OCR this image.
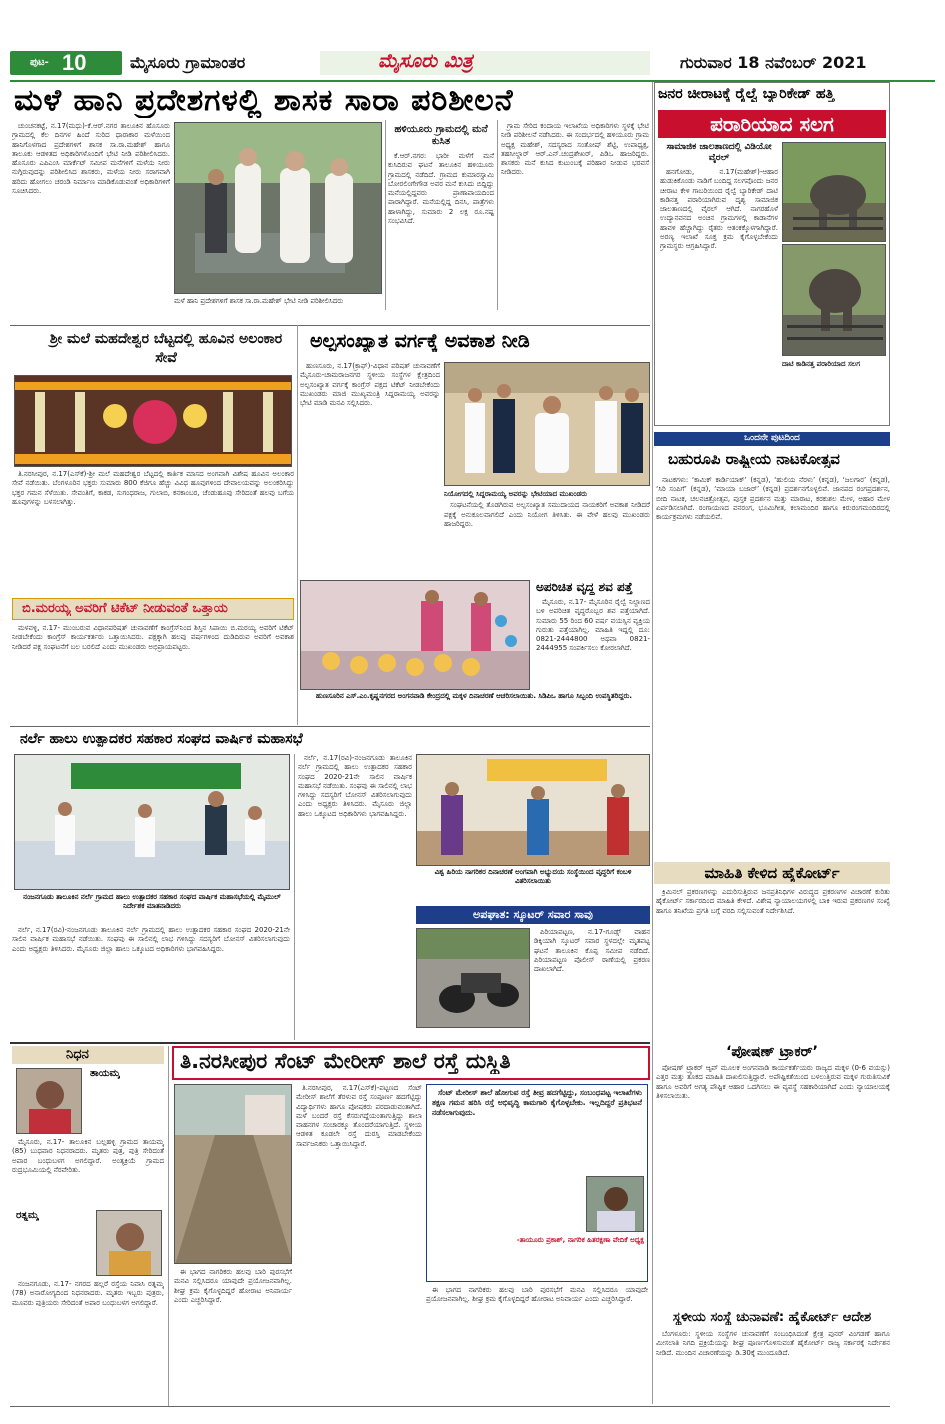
ಪುಟ- 10	ಮೈಸೂರು ಗ್ರಾಮಾಂತರ	ಮೈಸೂರು ಮಿತ್ರ	ಗುರುವಾರ 18 ನವೆಂಬರ್ 2021
ಮಳೆ ಹಾನಿ ಪ್ರದೇಶಗಳಲ್ಲಿ ಶಾಸಕ ಸಾರಾ ಪರಿಶೀಲನೆ

ಚುಂಚನಕಟ್ಟೆ, ನ.17(ಮಧು)-ಕೆ.ಆರ್.ನಗರ ತಾಲೂಕಿನ ಹೊಸೂರು ಗ್ರಾಮದಲ್ಲಿ ಕೆಲ ದಿನಗಳ ಹಿಂದೆ ಸುರಿದ ಧಾರಾಕಾರ ಮಳೆಯಿಂದ ಹಾನಿಗೊಳಗಾದ ಪ್ರದೇಶಗಳಿಗೆ ಶಾಸಕ ಸಾ.ರಾ.ಮಹೇಶ್ ಹಾಗೂ ತಾಲೂಕು ಆಡಳಿತದ ಅಧಿಕಾರಿಗಳೊಂದಿಗೆ ಭೇಟಿ ನೀಡಿ ಪರಿಶೀಲಿಸಿದರು. ಹೊಸೂರು ಎಪಿಎಂಸಿ ಮಾರ್ಕೆಟ್ ಸಮೀಪ ಮನೆಗಳಿಗೆ ಮಳೆಯ ನೀರು ನುಗ್ಗಿರುವುದನ್ನು ಪರಿಶೀಲಿಸಿದ ಶಾಸಕರು, ಮಳೆಯ ನೀರು ಸರಾಗವಾಗಿ ಹರಿದು ಹೋಗಲು ಚರಂಡಿ ನಿರ್ಮಾಣ ಮಾಡಿಕೊಡುವಂತೆ ಅಧಿಕಾರಿಗಳಿಗೆ ಸೂಚಿಸಿದರು.

ಮಳೆ ಹಾನಿ ಪ್ರದೇಶಗಳಿಗೆ ಶಾಸಕ ಸಾ.ರಾ.ಮಹೇಶ್ ಭೇಟಿ ನೀಡಿ ಪರಿಶೀಲಿಸಿದರು

ಹಳಿಯೂರು ಗ್ರಾಮದಲ್ಲಿ ಮನೆ ಕುಸಿತ

ಕೆ.ಆರ್.ನಗರ: ಭಾರೀ ಮಳೆಗೆ ಮನೆ ಕುಸಿದಿರುವ ಘಟನೆ ತಾಲೂಕಿನ ಹಳಿಯೂರು ಗ್ರಾಮದಲ್ಲಿ ನಡೆದಿದೆ. ಗ್ರಾಮದ ಕುಮಾರಸ್ವಾಮಿ ಬೋರಲಿಂಗೇಗೌಡ ಅವರ ಮನೆ ಕುಸಿದು ಬಿದ್ದಿದ್ದು ಮನೆಯಲ್ಲಿದ್ದವರು ಪ್ರಾಣಾಪಾಯದಿಂದ ಪಾರಾಗಿದ್ದಾರೆ. ಮನೆಯಲ್ಲಿದ್ದ ದಿನಸಿ, ಪಾತ್ರೆಗಳು ಹಾಳಾಗಿದ್ದು, ಸುಮಾರು 2 ಲಕ್ಷ ರೂ.ನಷ್ಟ ಸಂಭವಿಸಿದೆ.

ಗ್ರಾಮ ಸೇರಿದ ಕಂದಾಯ ಇಲಾಖೆಯ ಅಧಿಕಾರಿಗಳು ಸ್ಥಳಕ್ಕೆ ಭೇಟಿ ನೀಡಿ ಪರಿಶೀಲನೆ ನಡೆಸಿದರು. ಈ ಸಂದರ್ಭದಲ್ಲಿ ಹಳಿಯೂರು ಗ್ರಾಮ ಅಧ್ಯಕ್ಷ ಮಹೇಶ್, ಸದಸ್ಯರಾದ ಸಂತೋಷ್ ಶೆಟ್ಟಿ, ಉಪಾಧ್ಯಕ್ಷ, ತಹಸೀಲ್ದಾರ್ ಆರ್.ಎನ್.ಚಂದ್ರಶೇಖರ್, ಪಿಡಿಒ ಹಾಜರಿದ್ದರು. ಶಾಸಕರು ಮನೆ ಕುಸಿದ ಕುಟುಂಬಕ್ಕೆ ಪರಿಹಾರ ನೀಡುವ ಭರವಸೆ ನೀಡಿದರು.

ಜನರ ಚೀರಾಟಕ್ಕೆ ರೈಲ್ವೆ ಬ್ಯಾರಿಕೇಡ್ ಹತ್ತಿ
ಪರಾರಿಯಾದ ಸಲಗ
ಸಾಮಾಜಿಕ ಜಾಲತಾಣದಲ್ಲಿ ವಿಡಿಯೋ ವೈರಲ್

ಹನಗೋಡು, ನ.17(ಮಹೇಶ್)-ಆಹಾರ ಹುಡುಕಿಕೊಂಡು ನಾಡಿಗೆ ಬಂದಿದ್ದ ಸಲಗವೊಂದು ಜನರ ಚೀರಾಟ ಕೇಳಿ ಗಾಬರಿಯಿಂದ ರೈಲ್ವೆ ಬ್ಯಾರಿಕೇಡ್ ದಾಟಿ ಕಾಡಿನತ್ತ ಪರಾರಿಯಾಗಿರುವ ದೃಶ್ಯ ಸಾಮಾಜಿಕ ಜಾಲತಾಣದಲ್ಲಿ ವೈರಲ್ ಆಗಿದೆ. ನಾಗರಹೊಳೆ ಉದ್ಯಾನವನದ ಅಂಚಿನ ಗ್ರಾಮಗಳಲ್ಲಿ ಕಾಡಾನೆಗಳ ಹಾವಳಿ ಹೆಚ್ಚಾಗಿದ್ದು ರೈತರು ಆತಂಕಕ್ಕೊಳಗಾಗಿದ್ದಾರೆ. ಅರಣ್ಯ ಇಲಾಖೆ ಸೂಕ್ತ ಕ್ರಮ ಕೈಗೊಳ್ಳಬೇಕೆಂದು ಗ್ರಾಮಸ್ಥರು ಆಗ್ರಹಿಸಿದ್ದಾರೆ.

ದಾಟಿ ಕಾಡಿನತ್ತ ಪರಾರಿಯಾದ ಸಲಗ

ಒಂದನೇ ಪುಟದಿಂದ
ಬಹುರೂಪಿ ರಾಷ್ಟ್ರೀಯ ನಾಟಕೋತ್ಸವ

ನಾಟಕಗಳು: ‘ಕಾಮಿಕ್ ಕಾರ್ಡಿಯಾಕ್’ (ಕನ್ನಡ), ‘ಹುಲಿಯ ನೆರಳು’ (ಕನ್ನಡ), ‘ಜಲಗಾರ’ (ಕನ್ನಡ), ‘ಸಿರಿ ಸಂಪಿಗೆ’ (ಕನ್ನಡ), ‘ಮಾಯಾ ಬಜಾರ್’ (ಕನ್ನಡ) ಪ್ರದರ್ಶನಗೊಳ್ಳಲಿವೆ. ಜಾನಪದ ರಂಗಪ್ರದರ್ಶನ, ಬೀದಿ ನಾಟಕ, ಚಲನಚಿತ್ರೋತ್ಸವ, ಪುಸ್ತಕ ಪ್ರದರ್ಶನ ಮತ್ತು ಮಾರಾಟ, ಕರಕುಶಲ ಮೇಳ, ಆಹಾರ ಮೇಳ ಏರ್ಪಡಿಸಲಾಗಿದೆ. ರಂಗಾಯಣದ ವನರಂಗ, ಭೂಮಿಗೀತ, ಕಲಾಮಂದಿರ ಹಾಗೂ ಕಿರುರಂಗಮಂದಿರದಲ್ಲಿ ಕಾರ್ಯಕ್ರಮಗಳು ನಡೆಯಲಿವೆ.

ಮಾಹಿತಿ ಕೇಳಿದ ಹೈಕೋರ್ಟ್

ಕ್ರಿಮಿನಲ್ ಪ್ರಕರಣಗಳನ್ನು ಎದುರಿಸುತ್ತಿರುವ ಜನಪ್ರತಿನಿಧಿಗಳ ವಿರುದ್ಧದ ಪ್ರಕರಣಗಳ ವಿಚಾರಣೆ ಕುರಿತು ಹೈಕೋರ್ಟ್ ಸರ್ಕಾರದಿಂದ ಮಾಹಿತಿ ಕೇಳಿದೆ. ವಿಶೇಷ ನ್ಯಾಯಾಲಯಗಳಲ್ಲಿ ಬಾಕಿ ಇರುವ ಪ್ರಕರಣಗಳ ಸಂಖ್ಯೆ ಹಾಗೂ ತನಿಖೆಯ ಪ್ರಗತಿ ಬಗ್ಗೆ ವರದಿ ಸಲ್ಲಿಸುವಂತೆ ನಿರ್ದೇಶಿಸಿದೆ.

‘ಪೋಷಣ್ ಟ್ರ್ಯಾಕರ್’

ಪೋಷಣ್ ಟ್ರ್ಯಾಕರ್ ಆ್ಯಪ್ ಮೂಲಕ ಅಂಗನವಾಡಿ ಕಾರ್ಯಕರ್ತೆಯರು ರಾಜ್ಯದ ಮಕ್ಕಳ (0-6 ವಯಸ್ಸು) ಎತ್ತರ ಮತ್ತು ತೂಕದ ಮಾಹಿತಿ ದಾಖಲಿಸುತ್ತಿದ್ದಾರೆ. ಅಪೌಷ್ಟಿಕತೆಯಿಂದ ಬಳಲುತ್ತಿರುವ ಮಕ್ಕಳ ಗುರುತಿಸುವಿಕೆ ಹಾಗೂ ಅವರಿಗೆ ಅಗತ್ಯ ಪೌಷ್ಟಿಕ ಆಹಾರ ಒದಗಿಸಲು ಈ ವ್ಯವಸ್ಥೆ ಸಹಕಾರಿಯಾಗಿದೆ ಎಂದು ನ್ಯಾಯಾಲಯಕ್ಕೆ ತಿಳಿಸಲಾಯಿತು.

ಸ್ಥಳೀಯ ಸಂಸ್ಥೆ ಚುನಾವಣೆ: ಹೈಕೋರ್ಟ್ ಆದೇಶ

ಬೆಂಗಳೂರು: ಸ್ಥಳೀಯ ಸಂಸ್ಥೆಗಳ ಚುನಾವಣೆಗೆ ಸಂಬಂಧಿಸಿದಂತೆ ಕ್ಷೇತ್ರ ಪುನರ್ ವಿಂಗಡಣೆ ಹಾಗೂ ಮೀಸಲಾತಿ ನಿಗದಿ ಪ್ರಕ್ರಿಯೆಯನ್ನು ಶೀಘ್ರ ಪೂರ್ಣಗೊಳಿಸುವಂತೆ ಹೈಕೋರ್ಟ್ ರಾಜ್ಯ ಸರ್ಕಾರಕ್ಕೆ ನಿರ್ದೇಶನ ನೀಡಿದೆ. ಮುಂದಿನ ವಿಚಾರಣೆಯನ್ನು ಡಿ.30ಕ್ಕೆ ಮುಂದೂಡಿದೆ.

ಶ್ರೀ ಮಲೆ ಮಹದೇಶ್ವರ ಬೆಟ್ಟದಲ್ಲಿ ಹೂವಿನ ಅಲಂಕಾರ ಸೇವೆ

ತಿ.ನರಸೀಪುರ, ನ.17(ಎಸ್‍ಕೆ)-ಶ್ರೀ ಮಲೆ ಮಹದೇಶ್ವರ ಬೆಟ್ಟದಲ್ಲಿ ಕಾರ್ತಿಕ ಮಾಸದ ಅಂಗವಾಗಿ ವಿಶೇಷ ಹೂವಿನ ಅಲಂಕಾರ ಸೇವೆ ನಡೆಯಿತು. ಬೆಂಗಳೂರಿನ ಭಕ್ತರು ಸುಮಾರು 800 ಕೆಜಿಗೂ ಹೆಚ್ಚು ವಿವಿಧ ಹೂವುಗಳಿಂದ ದೇವಾಲಯವನ್ನು ಅಲಂಕರಿಸಿದ್ದು ಭಕ್ತರ ಗಮನ ಸೆಳೆಯಿತು. ಸೇವಂತಿಗೆ, ಕಾಕಡ, ಸುಗಂಧರಾಜ, ಗುಲಾಬಿ, ಕನಕಾಂಬರ, ಚೆಂಡುಹೂವು ಸೇರಿದಂತೆ ಹಲವು ಬಗೆಯ ಹೂವುಗಳನ್ನು ಬಳಸಲಾಗಿತ್ತು.

ಬಿ.ಮರಯ್ಯ ಅವರಿಗೆ ಟಿಕೆಟ್ ನೀಡುವಂತೆ ಒತ್ತಾಯ

ಮಳವಳ್ಳಿ, ನ.17- ಮುಂಬರುವ ವಿಧಾನಪರಿಷತ್ ಚುನಾವಣೆಗೆ ಕಾಂಗ್ರೆಸ್‍ನಿಂದ ಶಿಸ್ತಿನ ಸಿಪಾಯಿ ಬಿ.ಮರಯ್ಯ ಅವರಿಗೆ ಟಿಕೆಟ್ ನೀಡಬೇಕೆಂದು ಕಾಂಗ್ರೆಸ್ ಕಾರ್ಯಕರ್ತರು ಒತ್ತಾಯಿಸಿದರು. ಪಕ್ಷಕ್ಕಾಗಿ ಹಲವು ವರ್ಷಗಳಿಂದ ದುಡಿದಿರುವ ಅವರಿಗೆ ಅವಕಾಶ ನೀಡಿದರೆ ಪಕ್ಷ ಸಂಘಟನೆಗೆ ಬಲ ಬರಲಿದೆ ಎಂದು ಮುಖಂಡರು ಅಭಿಪ್ರಾಯಪಟ್ಟರು.

ಅಲ್ಪಸಂಖ್ಯಾತ ವರ್ಗಕ್ಕೆ ಅವಕಾಶ ನೀಡಿ

ಹುಣಸೂರು, ನ.17(ಕ್ರಾಫ್)-ವಿಧಾನ ಪರಿಷತ್ ಚುನಾವಣೆಗೆ ಮೈಸೂರು-ಚಾಮರಾಜನಗರ ಸ್ಥಳೀಯ ಸಂಸ್ಥೆಗಳ ಕ್ಷೇತ್ರದಿಂದ ಅಲ್ಪಸಂಖ್ಯಾತ ವರ್ಗಕ್ಕೆ ಕಾಂಗ್ರೆಸ್ ಪಕ್ಷದ ಟಿಕೆಟ್ ನೀಡಬೇಕೆಂದು ಮುಖಂಡರು ಮಾಜಿ ಮುಖ್ಯಮಂತ್ರಿ ಸಿದ್ದರಾಮಯ್ಯ ಅವರನ್ನು ಭೇಟಿ ಮಾಡಿ ಮನವಿ ಸಲ್ಲಿಸಿದರು.

ನಿಯೋಗದಲ್ಲಿ ಸಿದ್ದರಾಮಯ್ಯ ಅವರನ್ನು ಭೇಟಿಯಾದ ಮುಖಂಡರು

ಸಂಘಟನೆಯಲ್ಲಿ ತೊಡಗಿರುವ ಅಲ್ಪಸಂಖ್ಯಾತ ಸಮುದಾಯದ ನಾಯಕರಿಗೆ ಅವಕಾಶ ನೀಡಿದರೆ ಪಕ್ಷಕ್ಕೆ ಅನುಕೂಲವಾಗಲಿದೆ ಎಂದು ನಿಯೋಗ ತಿಳಿಸಿತು. ಈ ವೇಳೆ ಹಲವು ಮುಖಂಡರು ಹಾಜರಿದ್ದರು.

ಹುಣಸೂರಿನ ಎಸ್.ಎಂ.ಕೃಷ್ಣನಗರದ ಅಂಗನವಾಡಿ ಕೇಂದ್ರದಲ್ಲಿ ಮಕ್ಕಳ ದಿನಾಚರಣೆ ಆಚರಿಸಲಾಯಿತು. ಸಿಡಿಪಿಒ ಹಾಗೂ ಸಿಬ್ಬಂದಿ ಉಪಸ್ಥಿತರಿದ್ದರು.
ಅಪರಿಚಿತ ವೃದ್ಧ ಶವ ಪತ್ತೆ

ಮೈಸೂರು, ನ.17- ಮೈಸೂರಿನ ರೈಲ್ವೆ ನಿಲ್ದಾಣದ ಬಳಿ ಅಪರಿಚಿತ ವೃದ್ಧರೊಬ್ಬರ ಶವ ಪತ್ತೆಯಾಗಿದೆ. ಸುಮಾರು 55 ರಿಂದ 60 ವರ್ಷ ವಯಸ್ಸಿನ ವ್ಯಕ್ತಿಯ ಗುರುತು ಪತ್ತೆಯಾಗಿಲ್ಲ. ಮಾಹಿತಿ ಇದ್ದಲ್ಲಿ ದೂ: 0821-2444800 ಅಥವಾ 0821-2444955 ಸಂಪರ್ಕಿಸಲು ಕೋರಲಾಗಿದೆ.

ನರ್ಲೆ ಹಾಲು ಉತ್ಪಾದಕರ ಸಹಕಾರ ಸಂಘದ ವಾರ್ಷಿಕ ಮಹಾಸಭೆ
ನಂಜನಗೂಡು ತಾಲೂಕಿನ ನರ್ಲೆ ಗ್ರಾಮದ ಹಾಲು ಉತ್ಪಾದಕರ ಸಹಕಾರ ಸಂಘದ ವಾರ್ಷಿಕ ಮಹಾಸಭೆಯಲ್ಲಿ ಮೈಮುಲ್ ನಿರ್ದೇಶಕ ಮಾತನಾಡಿದರು

ನರ್ಲೆ, ನ.17(ರವಿ)-ನಂಜನಗೂಡು ತಾಲೂಕಿನ ನರ್ಲೆ ಗ್ರಾಮದಲ್ಲಿ ಹಾಲು ಉತ್ಪಾದಕರ ಸಹಕಾರ ಸಂಘದ 2020-21ನೇ ಸಾಲಿನ ವಾರ್ಷಿಕ ಮಹಾಸಭೆ ನಡೆಯಿತು. ಸಂಘವು ಈ ಸಾಲಿನಲ್ಲಿ ಲಾಭ ಗಳಿಸಿದ್ದು ಸದಸ್ಯರಿಗೆ ಬೋನಸ್ ವಿತರಿಸಲಾಗುವುದು ಎಂದು ಅಧ್ಯಕ್ಷರು ತಿಳಿಸಿದರು. ಮೈಸೂರು ಜಿಲ್ಲಾ ಹಾಲು ಒಕ್ಕೂಟದ ಅಧಿಕಾರಿಗಳು ಭಾಗವಹಿಸಿದ್ದರು.

ನರ್ಲೆ, ನ.17(ರವಿ)-ನಂಜನಗೂಡು ತಾಲೂಕಿನ ನರ್ಲೆ ಗ್ರಾಮದಲ್ಲಿ ಹಾಲು ಉತ್ಪಾದಕರ ಸಹಕಾರ ಸಂಘದ 2020-21ನೇ ಸಾಲಿನ ವಾರ್ಷಿಕ ಮಹಾಸಭೆ ನಡೆಯಿತು. ಸಂಘವು ಈ ಸಾಲಿನಲ್ಲಿ ಲಾಭ ಗಳಿಸಿದ್ದು ಸದಸ್ಯರಿಗೆ ಬೋನಸ್ ವಿತರಿಸಲಾಗುವುದು ಎಂದು ಅಧ್ಯಕ್ಷರು ತಿಳಿಸಿದರು. ಮೈಸೂರು ಜಿಲ್ಲಾ ಹಾಲು ಒಕ್ಕೂಟದ ಅಧಿಕಾರಿಗಳು ಭಾಗವಹಿಸಿದ್ದರು.

ವಿಶ್ವ ಹಿರಿಯ ನಾಗರಿಕರ ದಿನಾಚರಣೆ ಅಂಗವಾಗಿ ಅಭ್ಯುದಯ ಸಂಸ್ಥೆಯಿಂದ ವೃದ್ಧರಿಗೆ ಕಂಬಳಿ ವಿತರಿಸಲಾಯಿತು
ಅಪಘಾತ: ಸ್ಕೂಟರ್ ಸವಾರ ಸಾವು

ಪಿರಿಯಾಪಟ್ಟಣ, ನ.17-ಗೂಡ್ಸ್ ವಾಹನ ಡಿಕ್ಕಿಯಾಗಿ ಸ್ಕೂಟರ್ ಸವಾರ ಸ್ಥಳದಲ್ಲೇ ಮೃತಪಟ್ಟ ಘಟನೆ ತಾಲೂಕಿನ ಕೊಪ್ಪ ಸಮೀಪ ನಡೆದಿದೆ. ಪಿರಿಯಾಪಟ್ಟಣ ಪೊಲೀಸ್ ಠಾಣೆಯಲ್ಲಿ ಪ್ರಕರಣ ದಾಖಲಾಗಿದೆ.

ನಿಧನ
ತಾಯಮ್ಮ

ಮೈಸೂರು, ನ.17- ತಾಲೂಕಿನ ಬಲ್ಲಹಳ್ಳಿ ಗ್ರಾಮದ ತಾಯಮ್ಮ (85) ಬುಧವಾರ ನಿಧನರಾದರು. ಮೃತರು ಪುತ್ರ, ಪುತ್ರಿ ಸೇರಿದಂತೆ ಅಪಾರ ಬಂಧುಬಳಗ ಅಗಲಿದ್ದಾರೆ. ಅಂತ್ಯಕ್ರಿಯೆ ಗ್ರಾಮದ ರುದ್ರಭೂಮಿಯಲ್ಲಿ ನೆರವೇರಿತು.

ರತ್ನಮ್ಮ

ನಂಜನಗೂಡು, ನ.17- ನಗರದ ಹಲ್ಲರೆ ರಸ್ತೆಯ ನಿವಾಸಿ ರತ್ನಮ್ಮ (78) ಅನಾರೋಗ್ಯದಿಂದ ನಿಧನರಾದರು. ಮೃತರು ಇಬ್ಬರು ಪುತ್ರರು, ಮೂವರು ಪುತ್ರಿಯರು ಸೇರಿದಂತೆ ಅಪಾರ ಬಂಧುಬಳಗ ಅಗಲಿದ್ದಾರೆ.

ತಿ.ನರಸೀಪುರ ಸೆಂಟ್ ಮೇರೀಸ್ ಶಾಲೆ ರಸ್ತೆ ದುಸ್ಥಿತಿ

ತಿ.ನರಸೀಪುರ, ನ.17(ಎಸ್‍ಕೆ)-ಪಟ್ಟಣದ ಸೆಂಟ್ ಮೇರೀಸ್ ಶಾಲೆಗೆ ತೆರಳುವ ರಸ್ತೆ ಸಂಪೂರ್ಣ ಹದಗೆಟ್ಟಿದ್ದು ವಿದ್ಯಾರ್ಥಿಗಳು ಹಾಗೂ ಪೋಷಕರು ಪರದಾಡುವಂತಾಗಿದೆ. ಮಳೆ ಬಂದರೆ ರಸ್ತೆ ಕೆಸರುಗದ್ದೆಯಂತಾಗುತ್ತಿದ್ದು ಶಾಲಾ ವಾಹನಗಳ ಸಂಚಾರಕ್ಕೂ ತೊಂದರೆಯಾಗುತ್ತಿದೆ. ಸ್ಥಳೀಯ ಆಡಳಿತ ಕೂಡಲೇ ರಸ್ತೆ ದುರಸ್ತಿ ಮಾಡಬೇಕೆಂದು ಸಾರ್ವಜನಿಕರು ಒತ್ತಾಯಿಸಿದ್ದಾರೆ.

ಈ ಭಾಗದ ನಾಗರಿಕರು ಹಲವು ಬಾರಿ ಪುರಸಭೆಗೆ ಮನವಿ ಸಲ್ಲಿಸಿದರೂ ಯಾವುದೇ ಪ್ರಯೋಜನವಾಗಿಲ್ಲ. ಶೀಘ್ರ ಕ್ರಮ ಕೈಗೊಳ್ಳದಿದ್ದರೆ ಹೋರಾಟ ಅನಿವಾರ್ಯ ಎಂದು ಎಚ್ಚರಿಸಿದ್ದಾರೆ.

ಸೆಂಟ್ ಮೇರೀಸ್ ಶಾಲೆ ಹೋಗುವ ರಸ್ತೆ ತೀವ್ರ ಹದಗೆಟ್ಟಿದ್ದು, ಸಂಬಂಧಪಟ್ಟ ಇಲಾಖೆಗಳು ತಕ್ಷಣ ಗಮನ ಹರಿಸಿ ರಸ್ತೆ ಅಭಿವೃದ್ಧಿ ಕಾಮಗಾರಿ ಕೈಗೊಳ್ಳಬೇಕು. ಇಲ್ಲದಿದ್ದರೆ ಪ್ರತಿಭಟನೆ ನಡೆಸಲಾಗುವುದು.

-ತಾಯೂರು ಪ್ರಕಾಶ್, ನಾಗರಿಕ ಹಿತರಕ್ಷಣಾ ವೇದಿಕೆ ಅಧ್ಯಕ್ಷ

ಈ ಭಾಗದ ನಾಗರಿಕರು ಹಲವು ಬಾರಿ ಪುರಸಭೆಗೆ ಮನವಿ ಸಲ್ಲಿಸಿದರೂ ಯಾವುದೇ ಪ್ರಯೋಜನವಾಗಿಲ್ಲ. ಶೀಘ್ರ ಕ್ರಮ ಕೈಗೊಳ್ಳದಿದ್ದರೆ ಹೋರಾಟ ಅನಿವಾರ್ಯ ಎಂದು ಎಚ್ಚರಿಸಿದ್ದಾರೆ.
